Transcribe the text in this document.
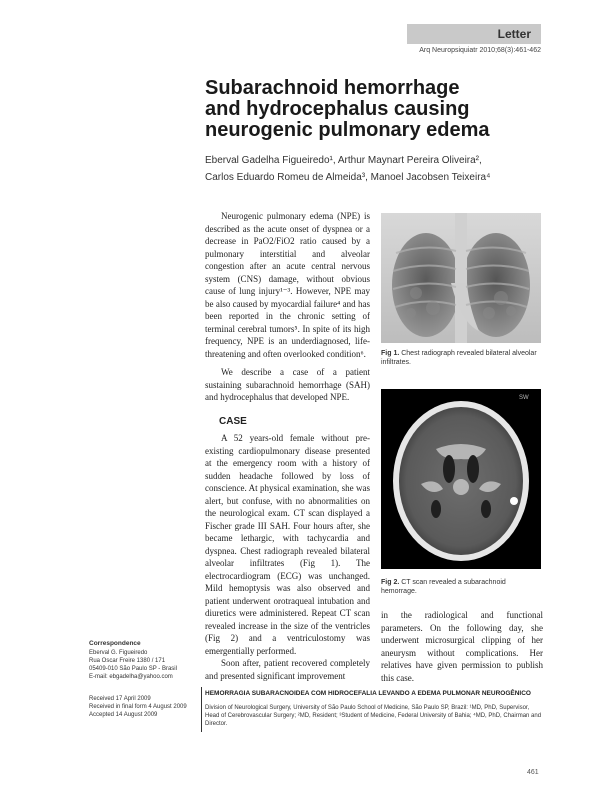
Letter
Arq Neuropsiquiatr 2010;68(3):461-462
Subarachnoid hemorrhage
and hydrocephalus causing
neurogenic pulmonary edema
Eberval Gadelha Figueiredo¹, Arthur Maynart Pereira Oliveira²,
Carlos Eduardo Romeu de Almeida³, Manoel Jacobsen Teixeira⁴

Neurogenic pulmonary edema (NPE) is described as the acute onset of dyspnea or a decrease in PaO2/FiO2 ratio caused by a pulmonary interstitial and alveolar congestion after an acute central nervous system (CNS) damage, without obvious cause of lung injury¹⁻³. However, NPE may be also caused by myocardial failure⁴ and has been reported in the chronic setting of terminal cerebral tumors⁵. In spite of its high frequency, NPE is an underdiagnosed, life-threatening and often overlooked condition⁶.

We describe a case of a patient sustaining subarachnoid hemorrhage (SAH) and hydrocephalus that developed NPE.

CASE

A 52 years-old female without pre-existing cardiopulmonary disease presented at the emergency room with a history of sudden headache followed by loss of conscience. At physical examination, she was alert, but confuse, with no abnormalities on the neurological exam. CT scan displayed a Fischer grade III SAH. Four hours after, she became lethargic, with tachycardia and dyspnea. Chest radiograph revealed bilateral alveolar infiltrates (Fig 1). The electrocardiogram (ECG) was unchanged. Mild hemoptysis was also observed and patient underwent orotraqueal intubation and diuretics were administered. Repeat CT scan revealed increase in the size of the ventricles (Fig 2) and a ventriculostomy was emergentially performed.

Soon after, patient recovered completely and presented significant improvement

in the radiological and functional parameters. On the following day, she underwent microsurgical clipping of her aneurysm without complications. Her relatives have given permission to publish this case.

Fig 1. Chest radiograph revealed bilateral alveolar infiltrates.
SW
Fig 2. CT scan revealed a subarachnoid hemorrage.
Correspondence
Eberval G. Figueiredo
Rua Oscar Freire 1380 / 171
05409-010 São Paulo SP - Brasil
E-mail: ebgadelha@yahoo.com
Received 17 April 2009
Received in final form 4 August 2009
Accepted 14 August 2009
HEMORRAGIA SUBARACNOIDEA COM HIDROCEFALIA LEVANDO A EDEMA PULMONAR NEUROGÊNICO
Division of Neurological Surgery, University of São Paulo School of Medicine, São Paulo SP, Brazil: ¹MD, PhD, Supervisor, Head of Cerebrovascular Surgery; ²MD, Resident; ³Student of Medicine, Federal University of Bahia; ⁴MD, PhD, Chairman and Director.
461
